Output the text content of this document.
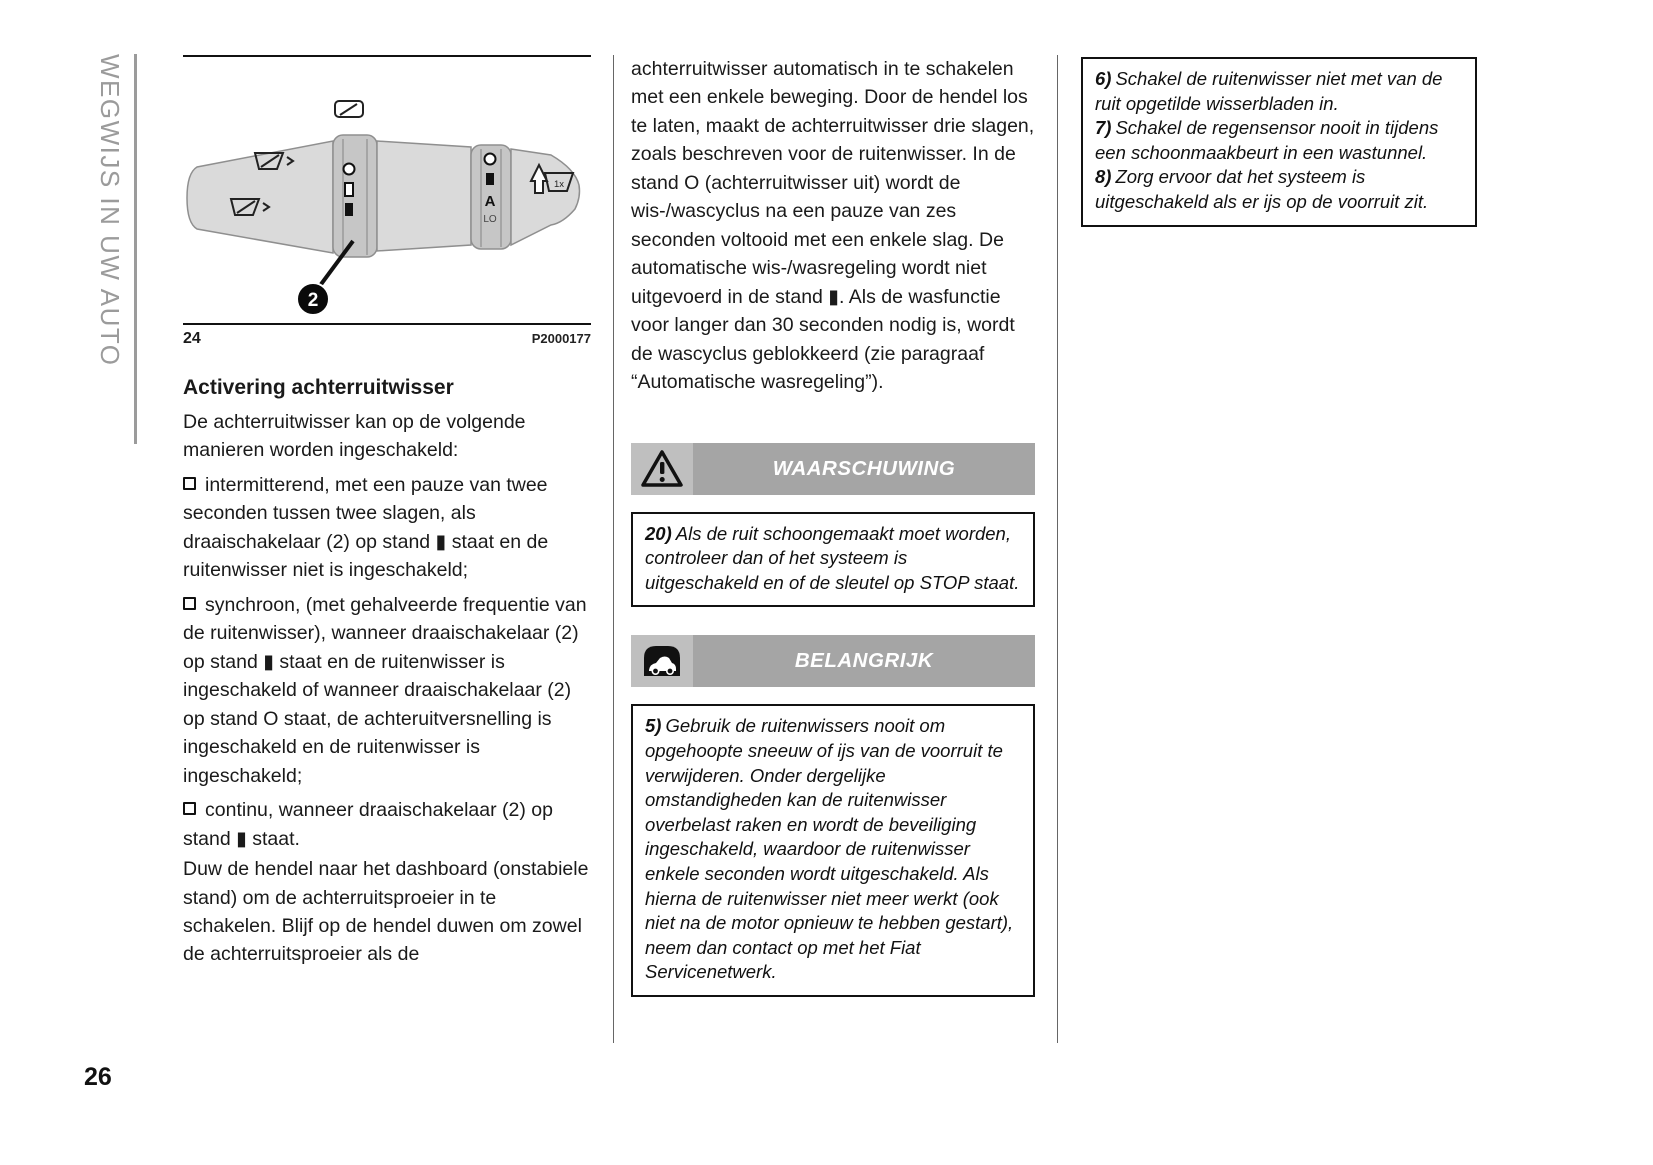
WEGWIJS IN UW AUTO	A
LO
1x
2
24	P2000177
Activering achterruitwisser

De achterruitwisser kan op de volgende manieren worden ingeschakeld:

intermitterend, met een pauze van twee seconden tussen twee slagen, als draaischakelaar (2) op stand ▮ staat en de ruitenwisser niet is ingeschakeld;

synchroon, (met gehalveerde frequentie van de ruitenwisser), wanneer draaischakelaar (2) op stand ▮ staat en de ruitenwisser is ingeschakeld of wanneer draaischakelaar (2) op stand O staat, de achteruitversnelling is ingeschakeld en de ruitenwisser is ingeschakeld;

continu, wanneer draaischakelaar (2) op stand ▮ staat.

Duw de hendel naar het dashboard (onstabiele stand) om de achterruitsproeier in te schakelen. Blijf op de hendel duwen om zowel de achterruitsproeier als de

achterruitwisser automatisch in te schakelen met een enkele beweging. Door de hendel los te laten, maakt de achterruitwisser drie slagen, zoals beschreven voor de ruitenwisser. In de stand O (achterruitwisser uit) wordt de wis-/wascyclus na een pauze van zes seconden voltooid met een enkele slag. De automatische wis-/wasregeling wordt niet uitgevoerd in de stand ▮. Als de wasfunctie voor langer dan 30 seconden nodig is, wordt de wascyclus geblokkeerd (zie paragraaf “Automatische wasregeling”).

WAARSCHUWING
20) Als de ruit schoongemaakt moet worden, controleer dan of het systeem is uitgeschakeld en of de sleutel op STOP staat.
BELANGRIJK
5) Gebruik de ruitenwissers nooit om opgehoopte sneeuw of ijs van de voorruit te verwijderen. Onder dergelijke omstandigheden kan de ruitenwisser overbelast raken en wordt de beveiliging ingeschakeld, waardoor de ruitenwisser enkele seconden wordt uitgeschakeld. Als hierna de ruitenwisser niet meer werkt (ook niet na de motor opnieuw te hebben gestart), neem dan contact op met het Fiat Servicenetwerk.
6) Schakel de ruitenwisser niet met van de ruit opgetilde wisserbladen in.
7) Schakel de regensensor nooit in tijdens een schoonmaakbeurt in een wastunnel.
8) Zorg ervoor dat het systeem is uitgeschakeld als er ijs op de voorruit zit.
26
